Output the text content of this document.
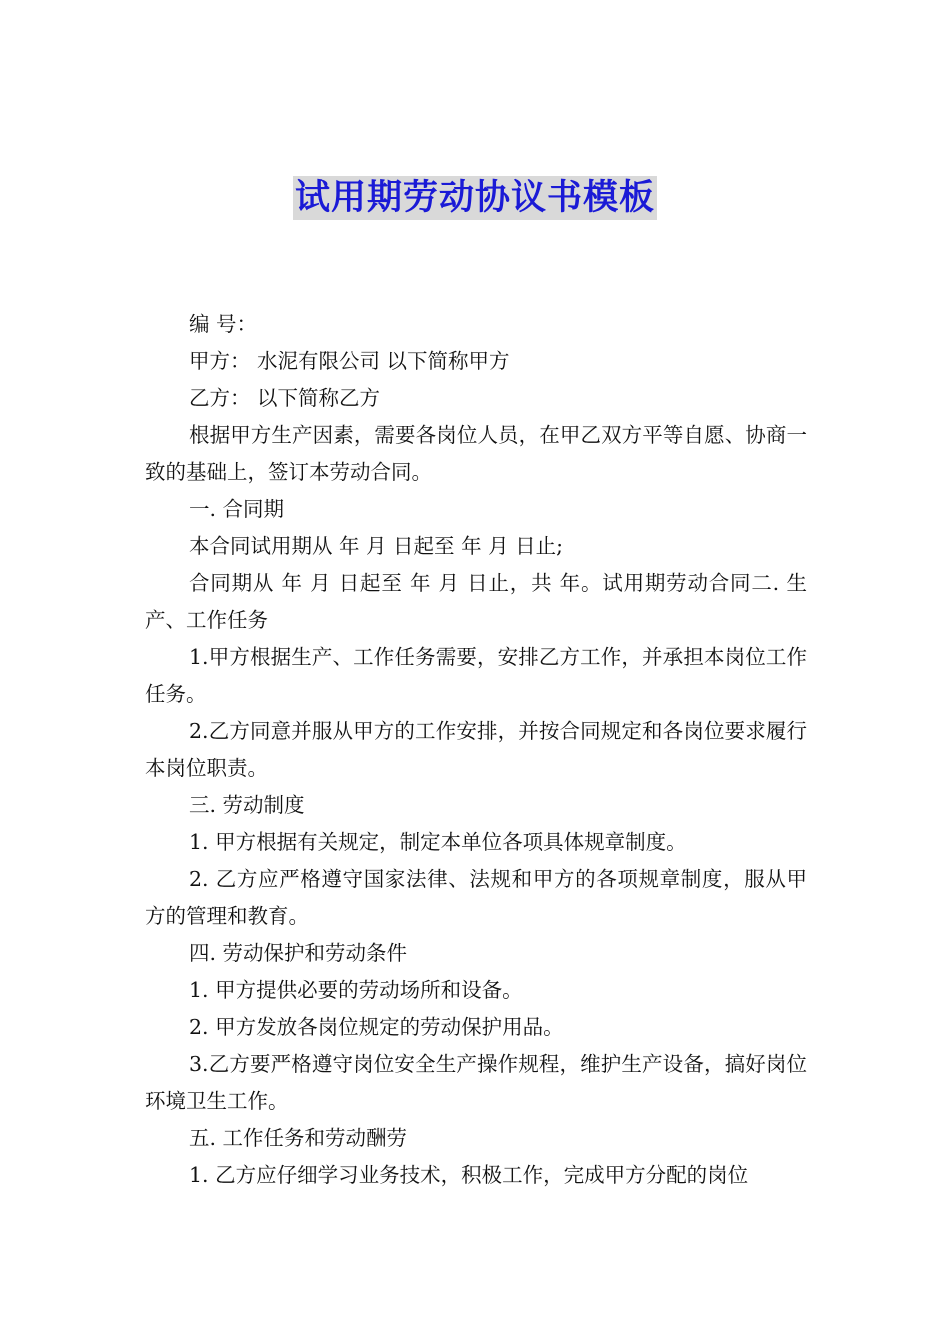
试用期劳动协议书模板

编 号：

甲方： 水泥有限公司 以下简称甲方

乙方： 以下简称乙方

根据甲方生产因素，需要各岗位人员，在甲乙双方平等自愿、协商一致的基础上，签订本劳动合同。

一. 合同期

本合同试用期从 年 月 日起至 年 月 日止;

合同期从 年 月 日起至 年 月 日止，共 年。试用期劳动合同二. 生产、工作任务

1.甲方根据生产、工作任务需要，安排乙方工作，并承担本岗位工作任务。

2.乙方同意并服从甲方的工作安排，并按合同规定和各岗位要求履行本岗位职责。

三. 劳动制度

1. 甲方根据有关规定，制定本单位各项具体规章制度。

2. 乙方应严格遵守国家法律、法规和甲方的各项规章制度，服从甲方的管理和教育。

四. 劳动保护和劳动条件

1. 甲方提供必要的劳动场所和设备。

2. 甲方发放各岗位规定的劳动保护用品。

3.乙方要严格遵守岗位安全生产操作规程，维护生产设备，搞好岗位环境卫生工作。

五. 工作任务和劳动酬劳

1. 乙方应仔细学习业务技术，积极工作，完成甲方分配的岗位
